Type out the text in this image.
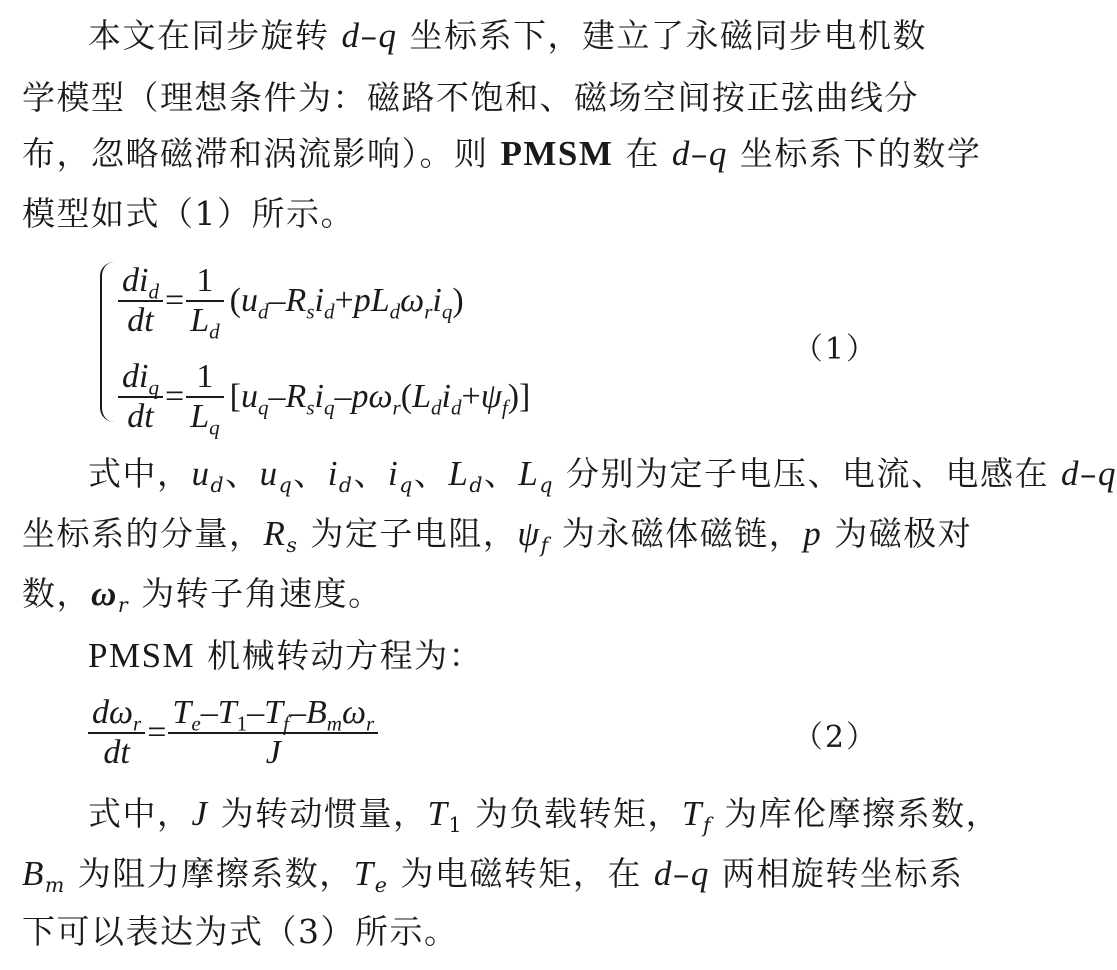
本文在同步旋转 d–q 坐标系下，建立了永磁同步电机数
学模型（理想条件为：磁路不饱和、磁场空间按正弦曲线分
布，忽略磁滞和涡流影响）。则 PMSM 在 d–q 坐标系下的数学
模型如式（1）所示。
$\frac{di_d}{dt} = \frac{1}{L_d} (u_d-R_si_d+pL_d\omega_ri_q)$
（1）
$\frac{di_q}{dt} = \frac{1}{L_q} [u_q-R_si_q-p\omega_r(L_di_d+\psi_f)]$
式中，$u_d$、$u_q$、$i_d$、$i_q$、$L_d$、$L_q$ 分别为定子电压、电流、电感在 d–q
坐标系的分量，$R_s$ 为定子电阻，$\psi_f$ 为永磁体磁链，p 为磁极对
数，$\omega_r$ 为转子角速度。
PMSM 机械转动方程为：
$\frac{d\omega_r}{dt} = \frac{T_e-T_1-T_f-B_m\omega_r}{J}$	（2）
式中，J 为转动惯量，$T_1$ 为负载转矩，$T_f$ 为库伦摩擦系数，
$B_m$ 为阻力摩擦系数，$T_e$ 为电磁转矩，在 d–q 两相旋转坐标系
下可以表达为式（3）所示。
